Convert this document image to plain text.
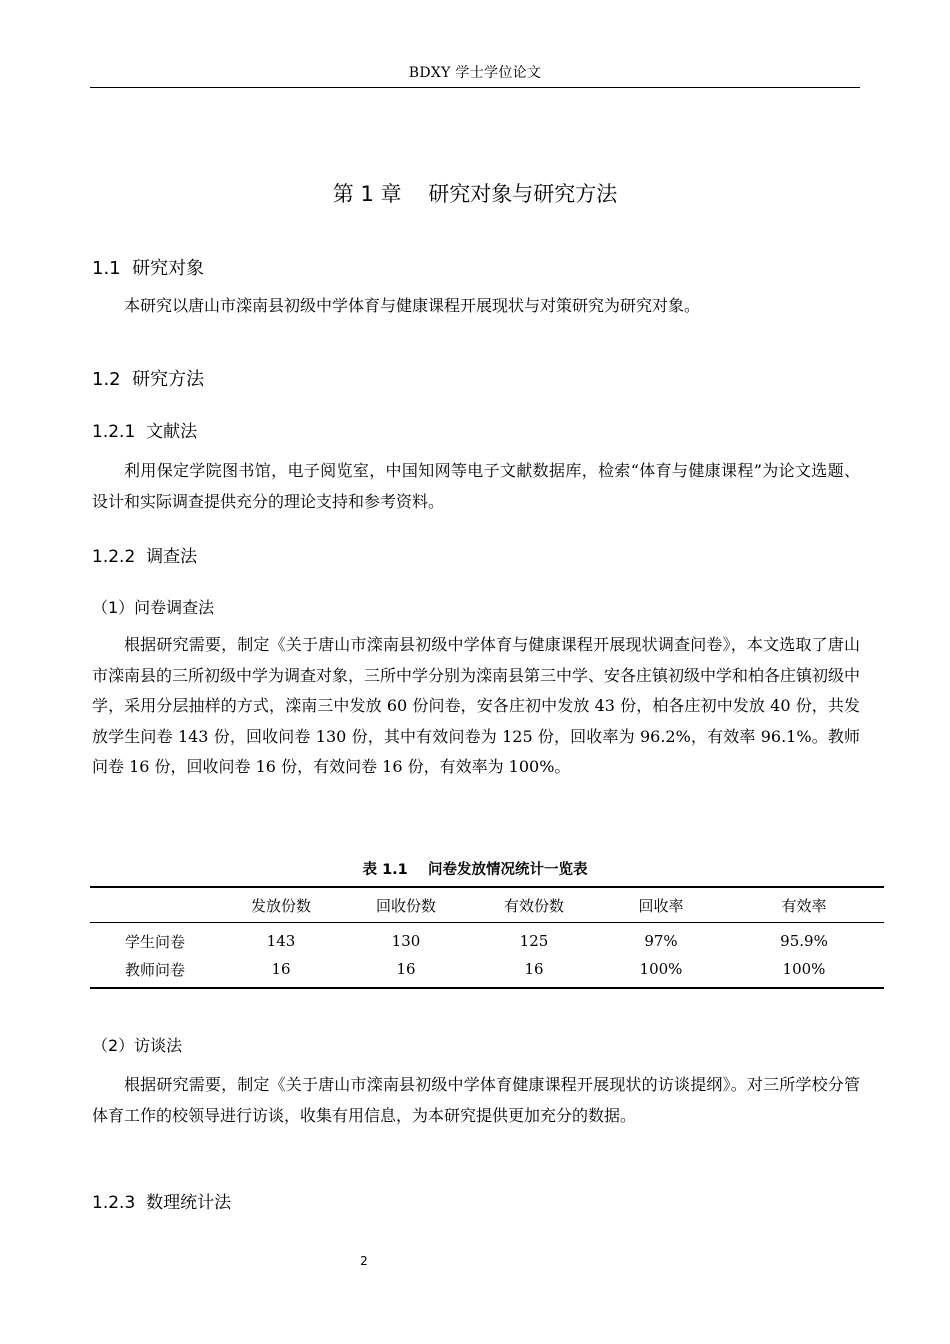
BDXY 学士学位论文
第 1 章    研究对象与研究方法
1.1  研究对象
本研究以唐山市滦南县初级中学体育与健康课程开展现状与对策研究为研究对象。
1.2  研究方法
1.2.1  文献法
利用保定学院图书馆，电子阅览室，中国知网等电子文献数据库，检索“体育与健康课程”为论文选题、设计和实际调查提供充分的理论支持和参考资料。
1.2.2  调查法
（1）问卷调查法
根据研究需要，制定《关于唐山市滦南县初级中学体育与健康课程开展现状调查问卷》，本文选取了唐山市滦南县的三所初级中学为调查对象，三所中学分别为滦南县第三中学、安各庄镇初级中学和柏各庄镇初级中学，采用分层抽样的方式，滦南三中发放 60 份问卷，安各庄初中发放 43 份，柏各庄初中发放 40 份，共发放学生问卷 143 份，回收问卷 130 份，其中有效问卷为 125 份，回收率为 96.2%，有效率 96.1%。教师问卷 16 份，回收问卷 16 份，有效问卷 16 份，有效率为 100%。
表 1.1    问卷发放情况统计一览表
	发放份数	回收份数	有效份数	回收率	有效率
学生问卷	143	130	125	97%	95.9%
教师问卷	16	16	16	100%	100%
（2）访谈法
根据研究需要，制定《关于唐山市滦南县初级中学体育健康课程开展现状的访谈提纲》。对三所学校分管体育工作的校领导进行访谈，收集有用信息，为本研究提供更加充分的数据。
1.2.3  数理统计法
2
